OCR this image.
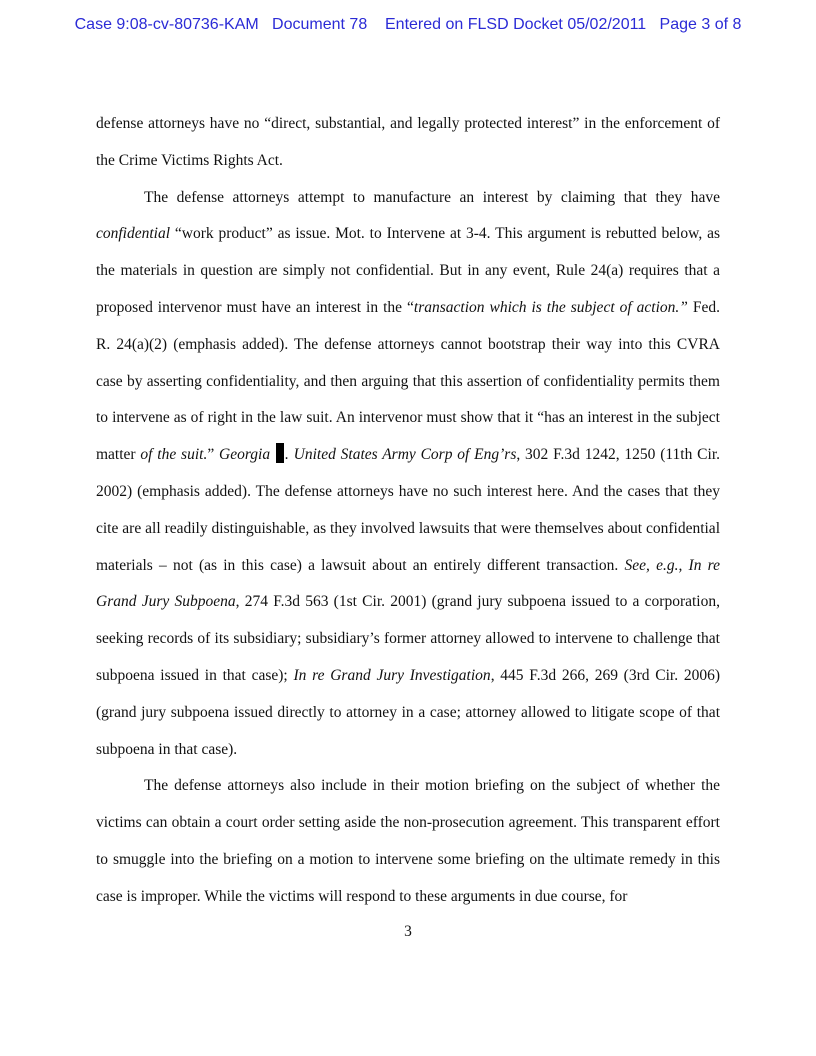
Case 9:08-cv-80736-KAM Document 78 Entered on FLSD Docket 05/02/2011 Page 3 of 8

defense attorneys have no “direct, substantial, and legally protected interest” in the enforcement of the Crime Victims Rights Act.

The defense attorneys attempt to manufacture an interest by claiming that they have confidential “work product” as issue. Mot. to Intervene at 3-4. This argument is rebutted below, as the materials in question are simply not confidential. But in any event, Rule 24(a) requires that a proposed intervenor must have an interest in the “transaction which is the subject of action.” Fed. R. 24(a)(2) (emphasis added). The defense attorneys cannot bootstrap their way into this CVRA case by asserting confidentiality, and then arguing that this assertion of confidentiality permits them to intervene as of right in the law suit. An intervenor must show that it “has an interest in the subject matter of the suit.” Georgia . United States Army Corp of Eng’rs, 302 F.3d 1242, 1250 (11th Cir. 2002) (emphasis added). The defense attorneys have no such interest here. And the cases that they cite are all readily distinguishable, as they involved lawsuits that were themselves about confidential materials – not (as in this case) a lawsuit about an entirely different transaction. See, e.g., In re Grand Jury Subpoena, 274 F.3d 563 (1st Cir. 2001) (grand jury subpoena issued to a corporation, seeking records of its subsidiary; subsidiary’s former attorney allowed to intervene to challenge that subpoena issued in that case); In re Grand Jury Investigation, 445 F.3d 266, 269 (3rd Cir. 2006) (grand jury subpoena issued directly to attorney in a case; attorney allowed to litigate scope of that subpoena in that case).

The defense attorneys also include in their motion briefing on the subject of whether the victims can obtain a court order setting aside the non-prosecution agreement. This transparent effort to smuggle into the briefing on a motion to intervene some briefing on the ultimate remedy in this case is improper. While the victims will respond to these arguments in due course, for

3
